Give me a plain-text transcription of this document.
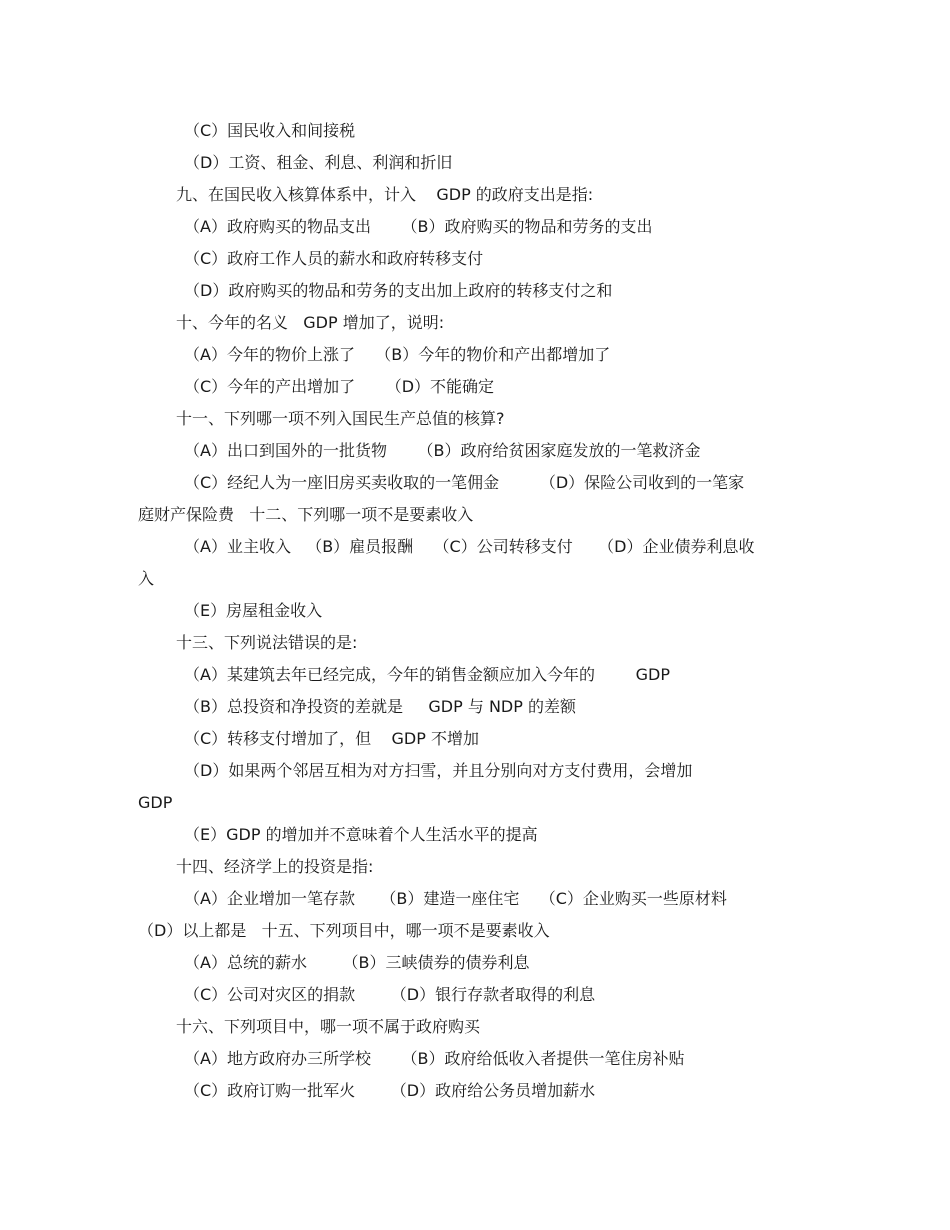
（C）国民收入和间接税
（D）工资、租金、利息、利润和折旧
九、在国民收入核算体系中，计入    GDP 的政府支出是指:
（A）政府购买的物品支出      （B）政府购买的物品和劳务的支出
（C）政府工作人员的薪水和政府转移支付
（D）政府购买的物品和劳务的支出加上政府的转移支付之和
十、今年的名义   GDP 增加了，说明:
（A）今年的物价上涨了    （B）今年的物价和产出都增加了
（C）今年的产出增加了      （D）不能确定
十一、下列哪一项不列入国民生产总值的核算?
（A）出口到国外的一批货物      （B）政府给贫困家庭发放的一笔救济金
（C）经纪人为一座旧房买卖收取的一笔佣金        （D）保险公司收到的一笔家
庭财产保险费   十二、下列哪一项不是要素收入
（A）业主收入   （B）雇员报酬    （C）公司转移支付     （D）企业债券利息收
入
（E）房屋租金收入
十三、下列说法错误的是:
（A）某建筑去年已经完成，今年的销售金额应加入今年的        GDP
（B）总投资和净投资的差就是     GDP 与 NDP 的差额
（C）转移支付增加了，但    GDP 不增加
（D）如果两个邻居互相为对方扫雪，并且分别向对方支付费用，会增加
GDP
（E）GDP 的增加并不意味着个人生活水平的提高
十四、经济学上的投资是指:
（A）企业增加一笔存款     （B）建造一座住宅    （C）企业购买一些原材料
（D）以上都是   十五、下列项目中，哪一项不是要素收入
（A）总统的薪水       （B）三峡债券的债券利息
（C）公司对灾区的捐款       （D）银行存款者取得的利息
十六、下列项目中，哪一项不属于政府购买
（A）地方政府办三所学校      （B）政府给低收入者提供一笔住房补贴
（C）政府订购一批军火       （D）政府给公务员增加薪水
